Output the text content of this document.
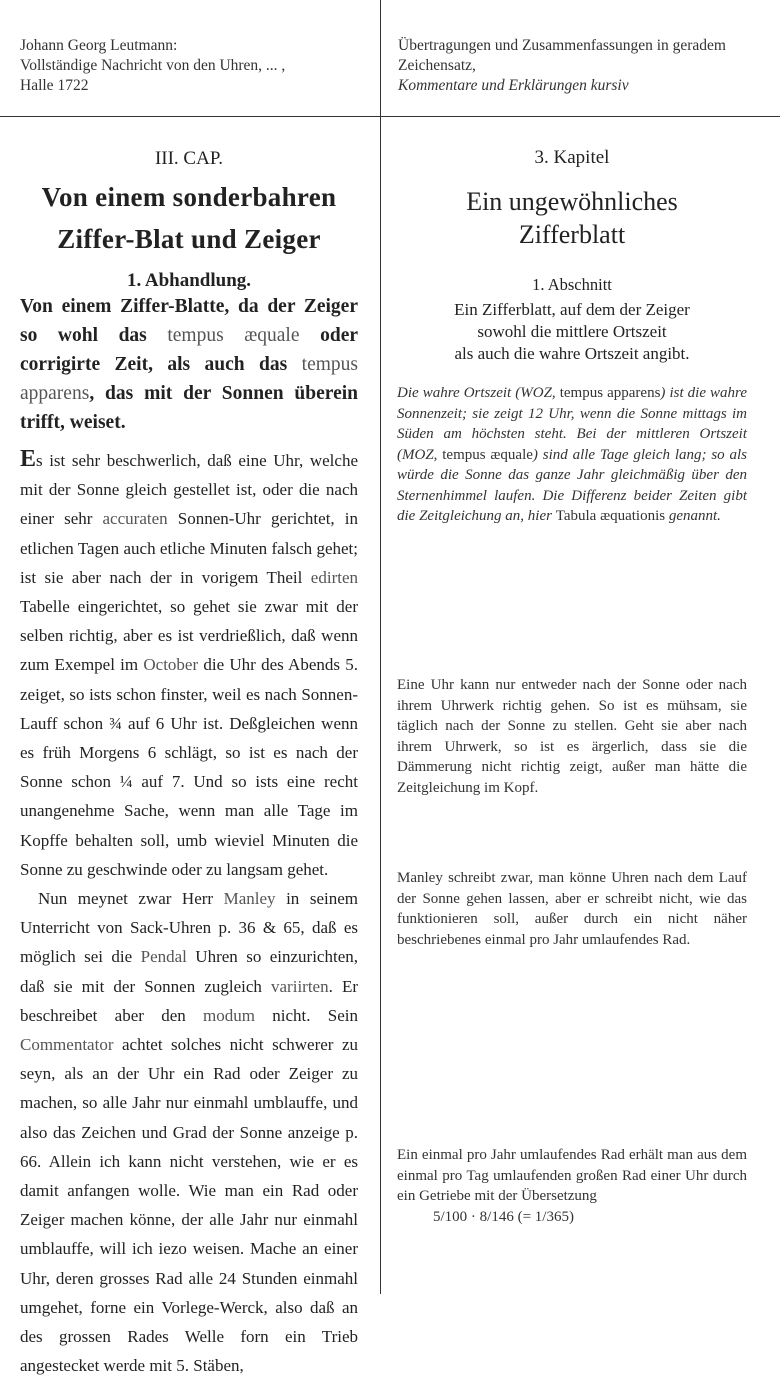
Johann Georg Leutmann:
Vollständige Nachricht von den Uhren, ... ,
Halle 1722
Übertragungen und Zusammenfassungen in geradem Zeichensatz,
Kommentare und Erklärungen kursiv
III. CAP.
Von einem sonderbahren
Ziffer-Blat und Zeiger
1. Abhandlung.
Von einem Ziffer-Blatte, da der Zeiger so wohl das tempus æquale oder corrigirte Zeit, als auch das tempus apparens, das mit der Sonnen überein trifft, weiset.
Es ist sehr beschwerlich, daß eine Uhr, welche mit der Sonne gleich gestellet ist, oder die nach einer sehr accuraten Sonnen-Uhr gerichtet, in etlichen Tagen auch etliche Minuten falsch gehet; ist sie aber nach der in vorigem Theil edirten Tabelle eingerichtet, so gehet sie zwar mit der selben richtig, aber es ist verdrießlich, daß wenn zum Exempel im October die Uhr des Abends 5. zeiget, so ists schon finster, weil es nach Sonnen-Lauff schon ¾ auf 6 Uhr ist. Deßgleichen wenn es früh Morgens 6 schlägt, so ist es nach der Sonne schon ¼ auf 7. Und so ists eine recht unangenehme Sache, wenn man alle Tage im Kopffe behalten soll, umb wieviel Minuten die Sonne zu geschwinde oder zu langsam gehet.
Nun meynet zwar Herr Manley in seinem Unterricht von Sack-Uhren p. 36 & 65, daß es möglich sei die Pendal Uhren so einzurichten, daß sie mit der Sonnen zugleich variirten. Er beschreibet aber den modum nicht. Sein Commentator achtet solches nicht schwerer zu seyn, als an der Uhr ein Rad oder Zeiger zu machen, so alle Jahr nur einmahl umblauffe, und also das Zeichen und Grad der Sonne anzeige p. 66. Allein ich kann nicht verstehen, wie er es damit anfangen wolle. Wie man ein Rad oder Zeiger machen könne, der alle Jahr nur einmahl umblauffe, will ich iezo weisen. Mache an einer Uhr, deren grosses Rad alle 24 Stunden einmahl umgehet, forne ein Vorlege-Werck, also daß an des grossen Rades Welle forn ein Trieb angestecket werde mit 5. Stäben,
3. Kapitel
Ein ungewöhnliches
Zifferblatt
1. Abschnitt
Ein Zifferblatt, auf dem der Zeiger
sowohl die mittlere Ortszeit
als auch die wahre Ortszeit angibt.
Die wahre Ortszeit (WOZ, tempus apparens) ist die wahre Sonnenzeit; sie zeigt 12 Uhr, wenn die Sonne mittags im Süden am höchsten steht. Bei der mittleren Ortszeit (MOZ, tempus æquale) sind alle Tage gleich lang; so als würde die Sonne das ganze Jahr gleichmäßig über den Sternenhimmel laufen. Die Differenz beider Zeiten gibt die Zeitgleichung an, hier Tabula æquationis genannt.
Eine Uhr kann nur entweder nach der Sonne oder nach ihrem Uhrwerk richtig gehen. So ist es mühsam, sie täglich nach der Sonne zu stellen. Geht sie aber nach ihrem Uhrwerk, so ist es ärgerlich, dass sie die Dämmerung nicht richtig zeigt, außer man hätte die Zeitgleichung im Kopf.
Manley schreibt zwar, man könne Uhren nach dem Lauf der Sonne gehen lassen, aber er schreibt nicht, wie das funktionieren soll, außer durch ein nicht näher beschriebenes einmal pro Jahr umlaufendes Rad.
Ein einmal pro Jahr umlaufendes Rad erhält man aus dem einmal pro Tag umlaufenden großen Rad einer Uhr durch ein Getriebe mit der Übersetzung
5/100 · 8/146 (= 1/365)
